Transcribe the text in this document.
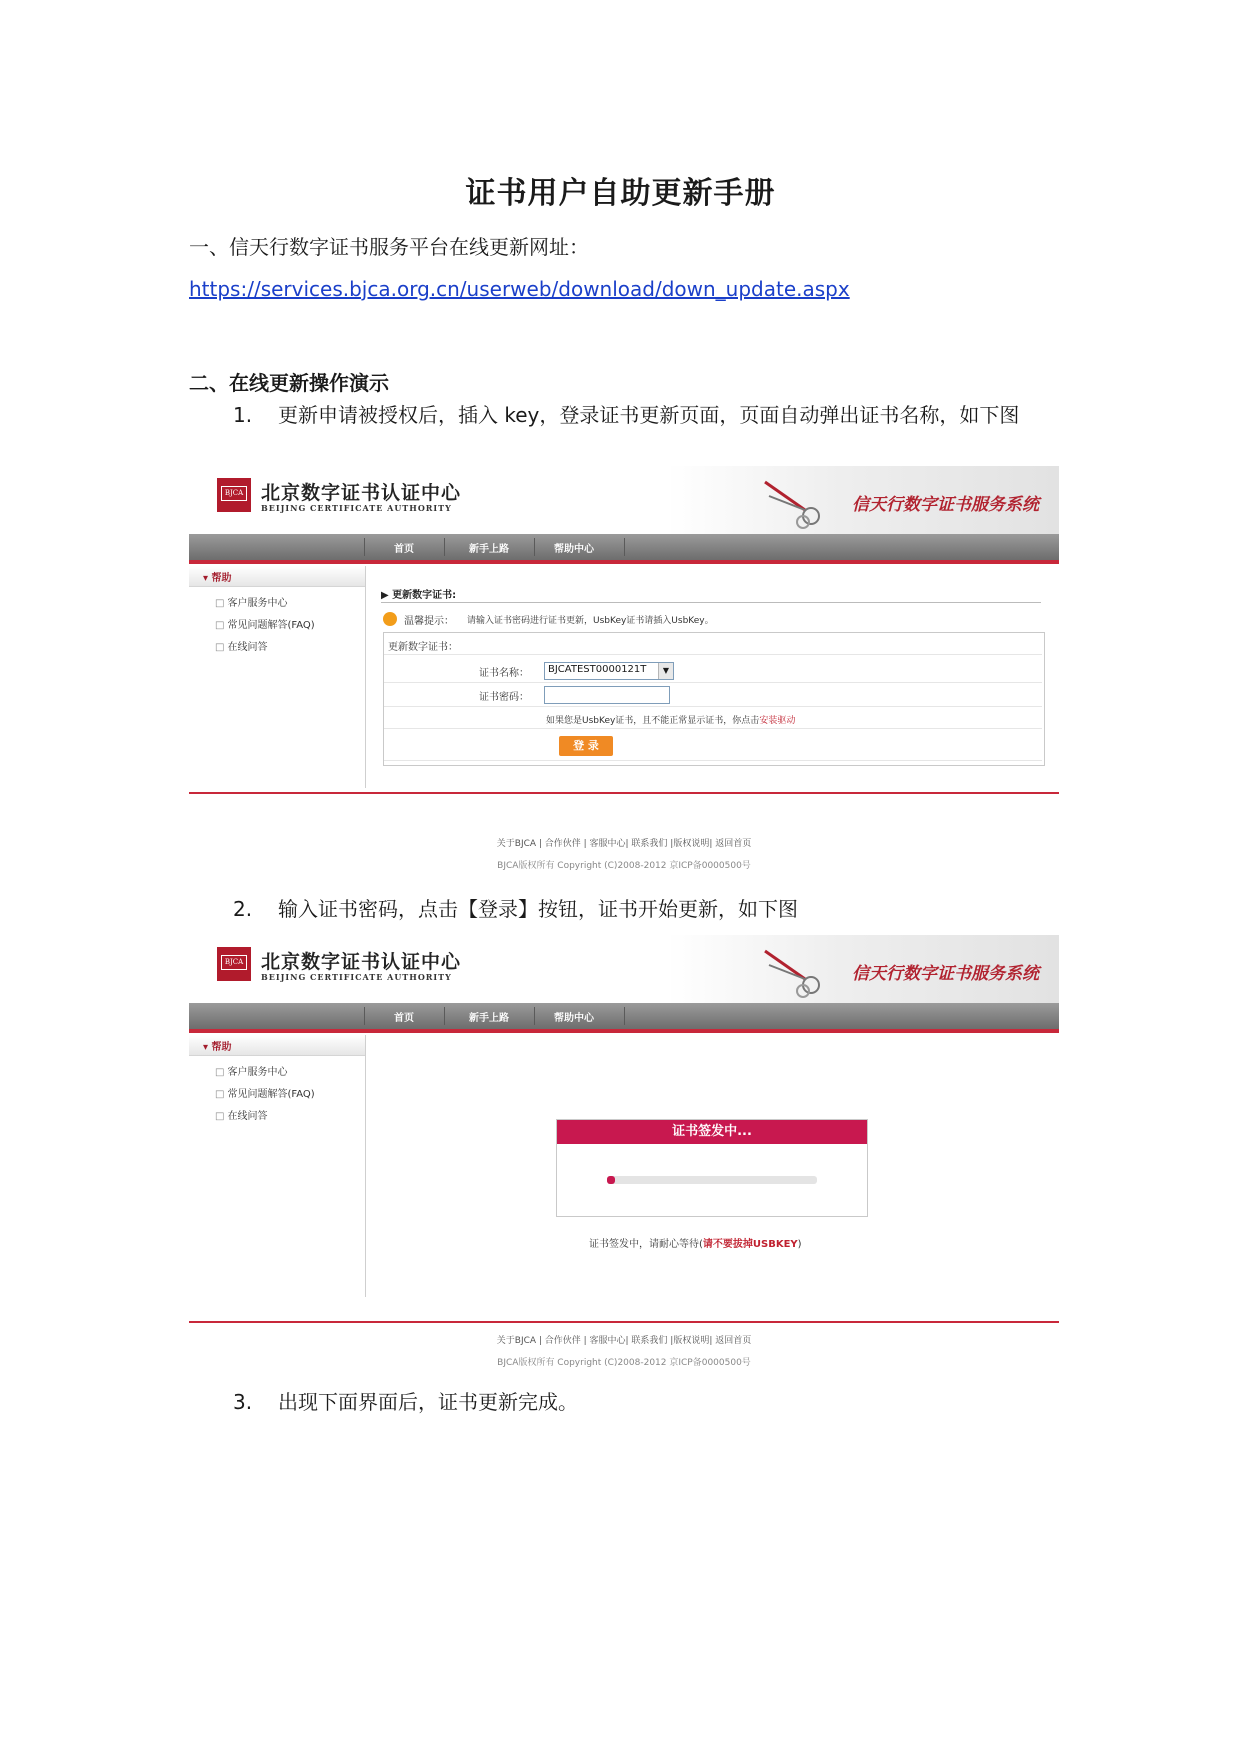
证书用户自助更新手册
一、信天行数字证书服务平台在线更新网址：
https://services.bjca.org.cn/userweb/download/down_update.aspx
二、在线更新操作演示
1. 更新申请被授权后，插入 key，登录证书更新页面，页面自动弹出证书名称，如下图
BJCA 北京数字证书认证中心
BEIJING CERTIFICATE AUTHORITY	信天行数字证书服务系统
首页	新手上路	帮助中心
▾ 帮助
□ 客户服务中心
□ 常见问题解答(FAQ)
□ 在线问答
▶ 更新数字证书:
温馨提示： 请输入证书密码进行证书更新，UsbKey证书请插入UsbKey。
更新数字证书：
证书名称： BJCATEST0000121T	▼
证书密码：
如果您是UsbKey证书，且不能正常显示证书，你点击安装驱动
登 录
关于BJCA | 合作伙伴 | 客服中心| 联系我们 |版权说明| 返回首页
BJCA版权所有 Copyright (C)2008-2012 京ICP备0000500号
2. 输入证书密码，点击【登录】按钮，证书开始更新，如下图
BJCA 北京数字证书认证中心
BEIJING CERTIFICATE AUTHORITY	信天行数字证书服务系统
首页	新手上路	帮助中心
▾ 帮助
□ 客户服务中心
□ 常见问题解答(FAQ)
□ 在线问答
证书签发中...
证书签发中，请耐心等待(请不要拔掉USBKEY)
关于BJCA | 合作伙伴 | 客服中心| 联系我们 |版权说明| 返回首页
BJCA版权所有 Copyright (C)2008-2012 京ICP备0000500号
3. 出现下面界面后，证书更新完成。
